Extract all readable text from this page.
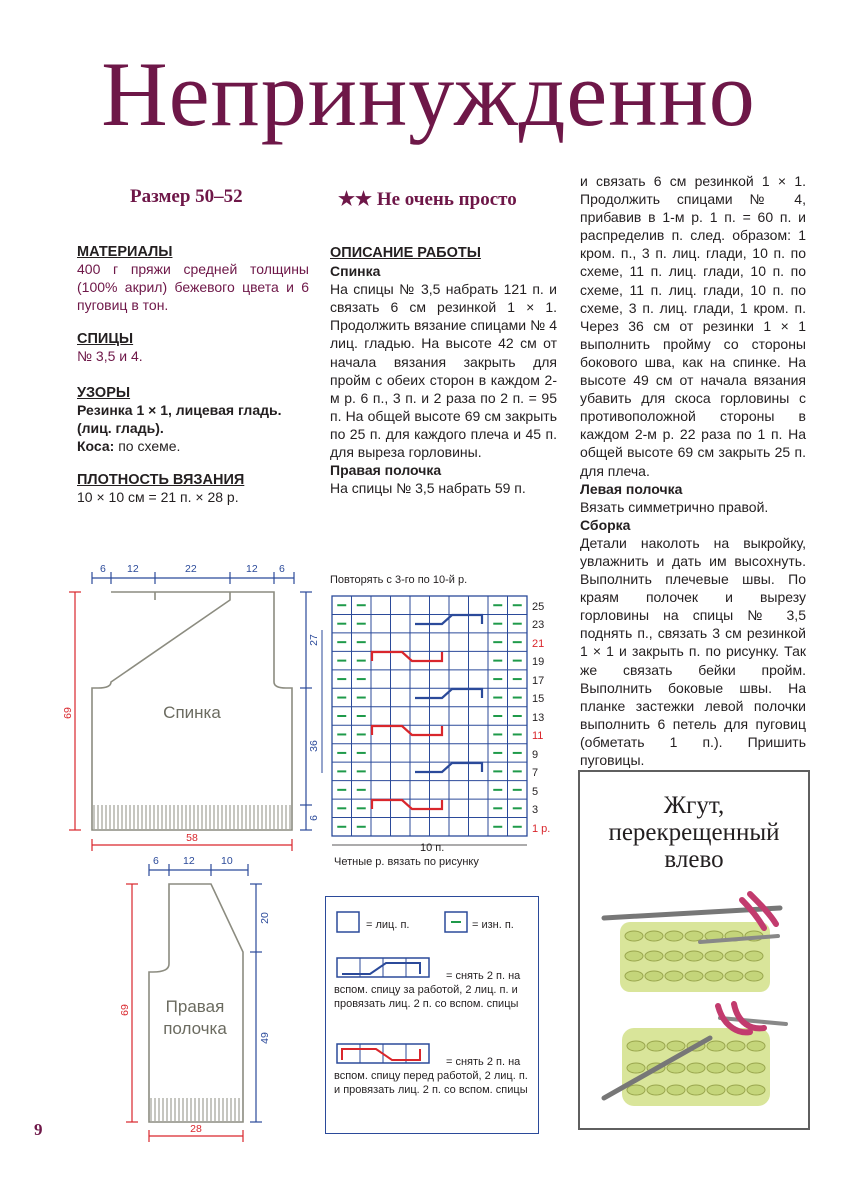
Непринужденно
Размер 50–52	★★ Не очень просто

МАТЕРИАЛЫ

400 г пряжи средней толщины (100% акрил) бежевого цвета и 6 пуговиц в тон.

СПИЦЫ

№ 3,5 и 4.

УЗОРЫ

Резинка 1 × 1, лицевая гладь.

(лиц. гладь).

Коса: по схеме.

ПЛОТНОСТЬ ВЯЗАНИЯ

10 × 10 см = 21 п. × 28 р.

ОПИСАНИЕ РАБОТЫ

Спинка

На спицы № 3,5 набрать 121 п. и связать 6 см резинкой 1 × 1. Продолжить вязание спицами № 4 лиц. гладью. На высоте 42 см от начала вязания закрыть для пройм с обеих сторон в каждом 2-м р. 6 п., 3 п. и 2 раза по 2 п. = 95 п. На общей высоте 69 см закрыть по 25 п. для каждого плеча и 45 п. для выреза горловины.

Правая полочка

На спицы № 3,5 набрать 59 п.

и связать 6 см резинкой 1 × 1. Продолжить спицами № 4, прибавив в 1-м р. 1 п. = 60 п. и распределив п. след. образом: 1 кром. п., 3 п. лиц. глади, 10 п. по схеме, 11 п. лиц. глади, 10 п. по схеме, 11 п. лиц. глади, 10 п. по схеме, 3 п. лиц. глади, 1 кром. п. Через 36 см от резинки 1 × 1 выполнить пройму со стороны бокового шва, как на спинке. На высоте 49 см от начала вязания убавить для скоса горловины с противоположной стороны в каждом 2-м р. 22 раза по 1 п. На общей высоте 69 см закрыть 25 п. для плеча.

Левая полочка

Вязать симметрично правой.

Сборка

Детали наколоть на выкройку, увлажнить и дать им высохнуть. Выполнить плечевые швы. По краям полочек и вырезу горловины на спицы № 3,5 поднять п., связать 3 см резинкой 1 × 1 и закрыть п. по рисунку. Так же связать бейки пройм. Выполнить боковые швы. На планке застежки левой полочки выполнить 6 петель для пуговиц (обметать 1 п.). Пришить пуговицы.

6 12	22	12 6
Спинка
69
27
36
6
58
6 12	10
Правая
полочка
69
20
49
28
Повторять с 3-го по 10-й р.
25
23
21
19
17
15
13
11
9
7
5
3
1 р.
10 п.
Четные р. вязать по рисунку
= лиц. п.	= изн. п.
= снять 2 п. на вспом. спицу за работой, 2 лиц. п. и провязать лиц. 2 п. со вспом. спицы
= снять 2 п. на вспом. спицу перед работой, 2 лиц. п. и провязать лиц. 2 п. со вспом. спицы
Жгут,
перекрещенный
влево
9
